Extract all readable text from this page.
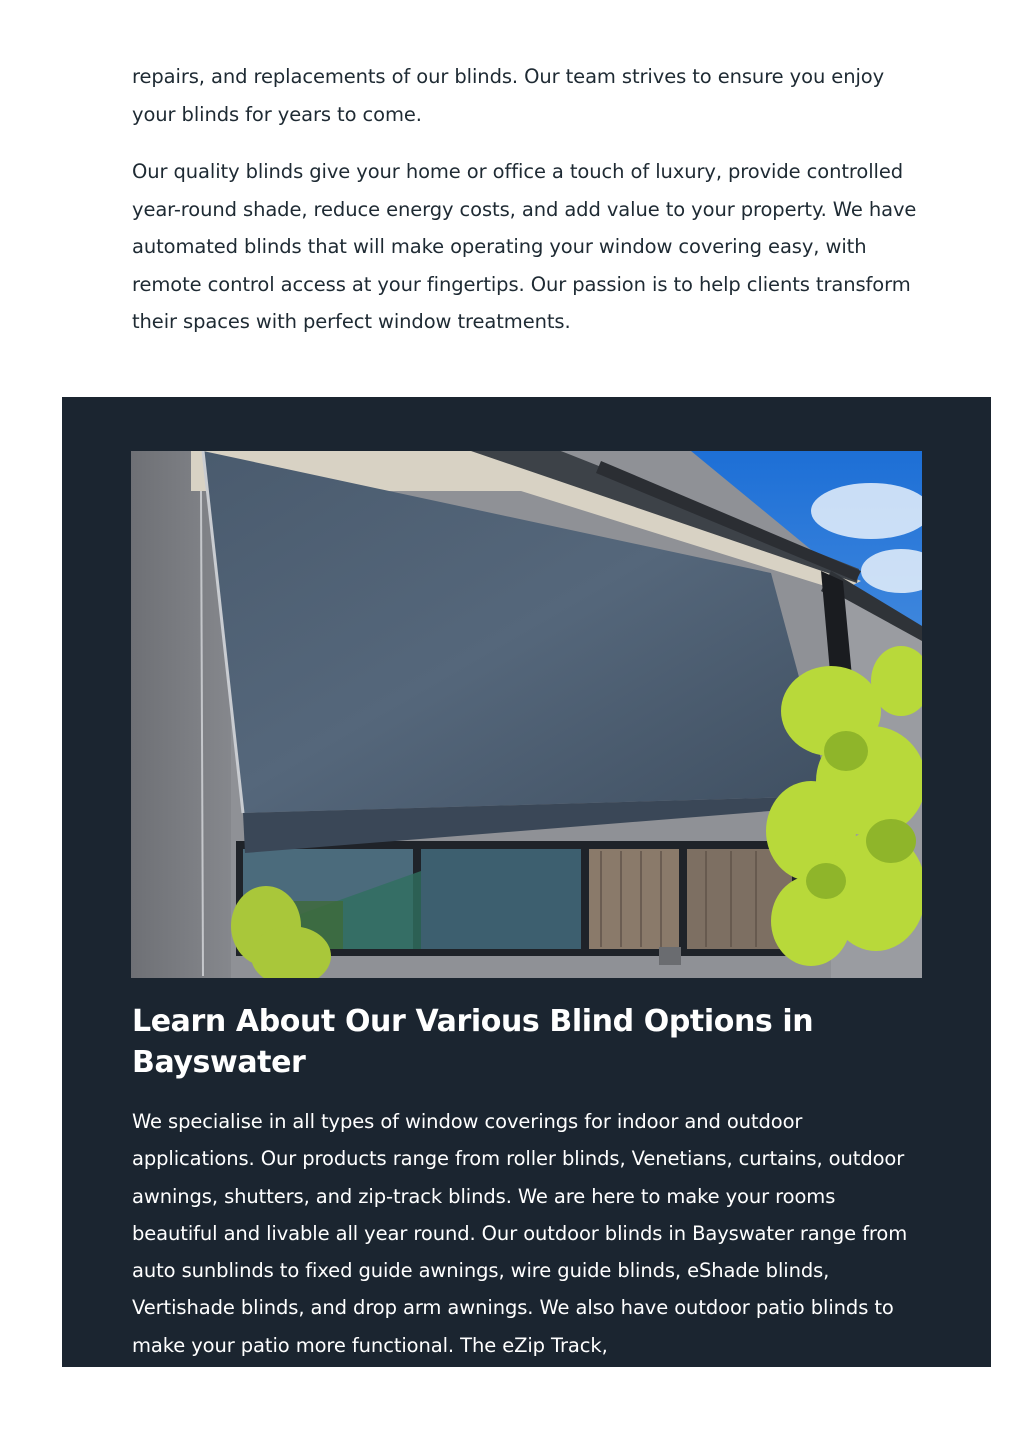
repairs, and replacements of our blinds. Our team strives to ensure you enjoy your blinds for years to come.

Our quality blinds give your home or office a touch of luxury, provide controlled year-round shade, reduce energy costs, and add value to your property. We have automated blinds that will make operating your window covering easy, with remote control access at your fingertips. Our passion is to help clients transform their spaces with perfect window treatments.

Learn About Our Various Blind Options in Bayswater

We specialise in all types of window coverings for indoor and outdoor applications. Our products range from roller blinds, Venetians, curtains, outdoor awnings, shutters, and zip-track blinds. We are here to make your rooms beautiful and livable all year round. Our outdoor blinds in Bayswater range from auto sunblinds to fixed guide awnings, wire guide blinds, eShade blinds, Vertishade blinds, and drop arm awnings. We also have outdoor patio blinds to make your patio more functional. The eZip Track,
